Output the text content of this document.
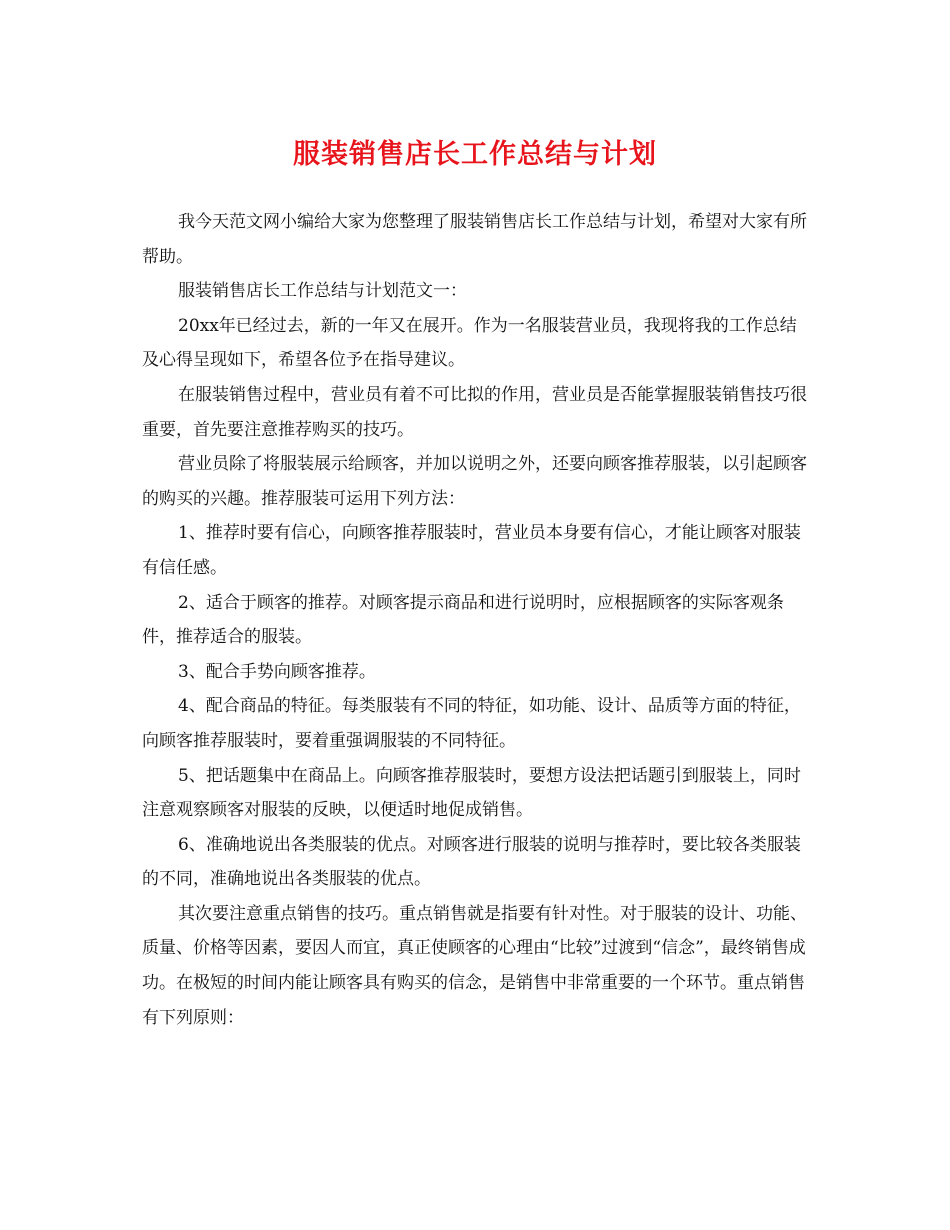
服装销售店长工作总结与计划

我今天范文网小编给大家为您整理了服装销售店长工作总结与计划，希望对大家有所帮助。

服装销售店长工作总结与计划范文一：

20xx年已经过去，新的一年又在展开。作为一名服装营业员，我现将我的工作总结及心得呈现如下，希望各位予在指导建议。

在服装销售过程中，营业员有着不可比拟的作用，营业员是否能掌握服装销售技巧很重要，首先要注意推荐购买的技巧。

营业员除了将服装展示给顾客，并加以说明之外，还要向顾客推荐服装，以引起顾客的购买的兴趣。推荐服装可运用下列方法：

1、推荐时要有信心，向顾客推荐服装时，营业员本身要有信心，才能让顾客对服装有信任感。

2、适合于顾客的推荐。对顾客提示商品和进行说明时，应根据顾客的实际客观条件，推荐适合的服装。

3、配合手势向顾客推荐。

4、配合商品的特征。每类服装有不同的特征，如功能、设计、品质等方面的特征，向顾客推荐服装时，要着重强调服装的不同特征。

5、把话题集中在商品上。向顾客推荐服装时，要想方设法把话题引到服装上，同时注意观察顾客对服装的反映，以便适时地促成销售。

6、准确地说出各类服装的优点。对顾客进行服装的说明与推荐时，要比较各类服装的不同，准确地说出各类服装的优点。

其次要注意重点销售的技巧。重点销售就是指要有针对性。对于服装的设计、功能、质量、价格等因素，要因人而宜，真正使顾客的心理由“比较”过渡到“信念”，最终销售成功。在极短的时间内能让顾客具有购买的信念，是销售中非常重要的一个环节。重点销售有下列原则：
